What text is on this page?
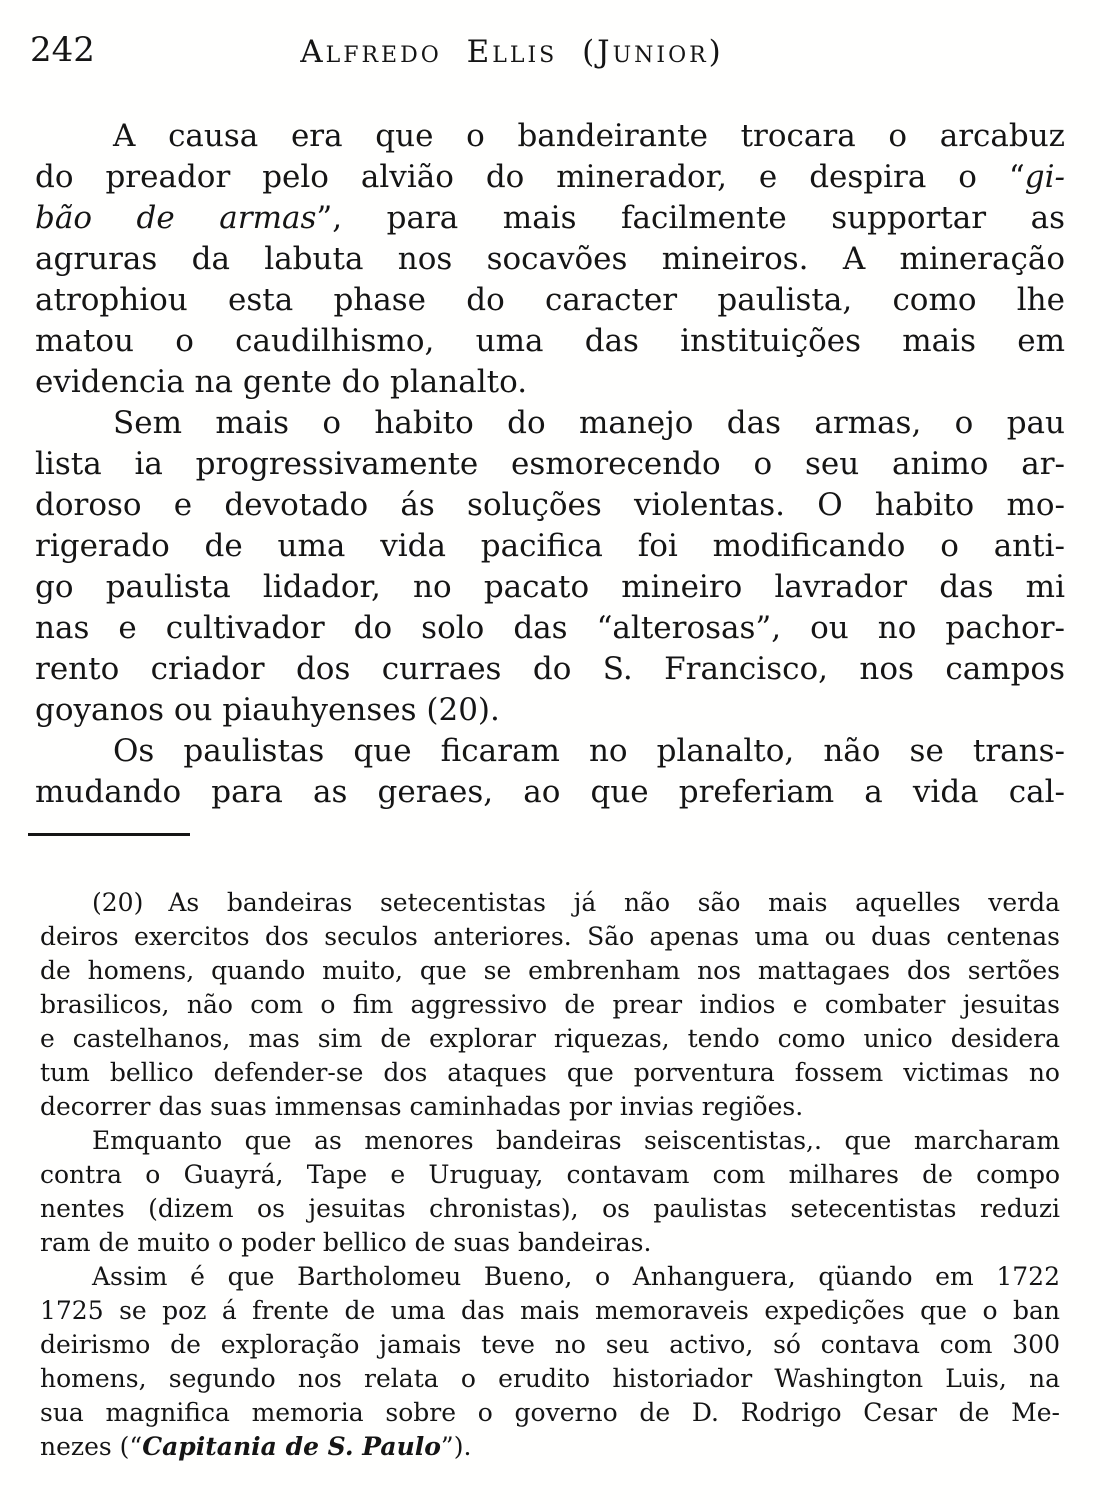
242	Alfredo Ellis (Junior)
A causa era que o bandeirante trocara o arcabuz
do preador pelo alvião do minerador, e despira o “gi-
bão de armas”, para mais facilmente supportar as
agruras da labuta nos socavões mineiros. A mineração
atrophiou esta phase do caracter paulista, como lhe
matou o caudilhismo, uma das instituições mais em
evidencia na gente do planalto.
Sem mais o habito do manejo das armas, o pau
lista ia progressivamente esmorecendo o seu animo ar-
doroso e devotado ás soluções violentas. O habito mo-
rigerado de uma vida pacifica foi modificando o anti-
go paulista lidador, no pacato mineiro lavrador das mi
nas e cultivador do solo das “alterosas”, ou no pachor-
rento criador dos curraes do S. Francisco, nos campos
goyanos ou piauhyenses (20).
Os paulistas que ficaram no planalto, não se trans-
mudando para as geraes, ao que preferiam a vida cal-
(20) As bandeiras setecentistas já não são mais aquelles verda
deiros exercitos dos seculos anteriores. São apenas uma ou duas centenas
de homens, quando muito, que se embrenham nos mattagaes dos sertões
brasilicos, não com o fim aggressivo de prear indios e combater jesuitas
e castelhanos, mas sim de explorar riquezas, tendo como unico desidera
tum bellico defender-se dos ataques que porventura fossem victimas no
decorrer das suas immensas caminhadas por invias regiões.
Emquanto que as menores bandeiras seiscentistas,. que marcharam
contra o Guayrá, Tape e Uruguay, contavam com milhares de compo
nentes (dizem os jesuitas chronistas), os paulistas setecentistas reduzi
ram de muito o poder bellico de suas bandeiras.
Assim é que Bartholomeu Bueno, o Anhanguera, qüando em 1722
1725 se poz á frente de uma das mais memoraveis expedições que o ban
deirismo de exploração jamais teve no seu activo, só contava com 300
homens, segundo nos relata o erudito historiador Washington Luis, na
sua magnifica memoria sobre o governo de D. Rodrigo Cesar de Me-
nezes (“Capitania de S. Paulo”).
